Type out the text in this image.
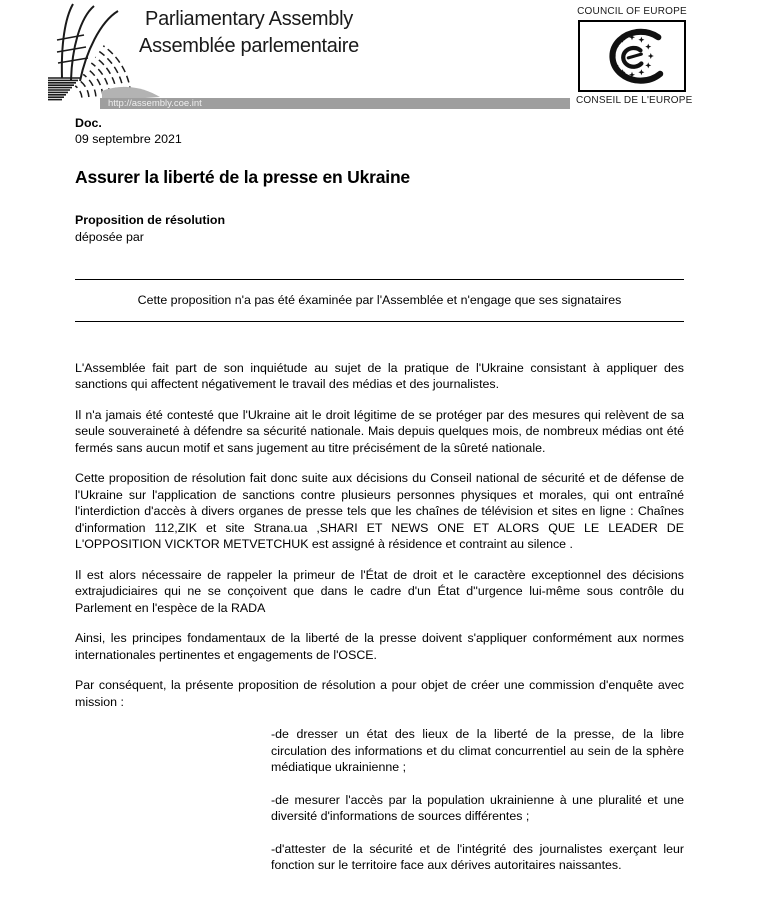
Parliamentary Assembly
Assemblée parlementaire
http://assembly.coe.int
COUNCIL OF EUROPE
CONSEIL DE L'EUROPE
Doc.
09 septembre 2021
Assurer la liberté de la presse en Ukraine
Proposition de résolution
déposée par
Cette proposition n'a pas été éxaminée par l'Assemblée et n'engage que ses signataires

L'Assemblée fait part de son inquiétude au sujet de la pratique de l'Ukraine consistant à appliquer des sanctions qui affectent négativement le travail des médias et des journalistes.

Il n'a jamais été contesté que l'Ukraine ait le droit légitime de se protéger par des mesures qui relèvent de sa seule souveraineté à défendre sa sécurité nationale. Mais depuis quelques mois, de nombreux médias ont été fermés sans aucun motif et sans jugement au titre précisément de la sûreté nationale.

Cette proposition de résolution fait donc suite aux décisions du Conseil national de sécurité et de défense de l'Ukraine sur l'application de sanctions contre plusieurs personnes physiques et morales, qui ont entraîné l'interdiction d'accès à divers organes de presse tels que les chaînes de télévision et sites en ligne : Chaînes d'information 112,ZIK et site Strana.ua ,SHARI ET NEWS ONE ET ALORS QUE LE LEADER DE L'OPPOSITION VICKTOR METVETCHUK est assigné à résidence et contraint au silence .

Il est alors nécessaire de rappeler la primeur de l'État de droit et le caractère exceptionnel des décisions extrajudiciaires qui ne se conçoivent que dans le cadre d'un État d''urgence lui-même sous contrôle du Parlement en l'espèce de la RADA

Ainsi, les principes fondamentaux de la liberté de la presse doivent s'appliquer conformément aux normes internationales pertinentes et engagements de l'OSCE.

Par conséquent, la présente proposition de résolution a pour objet de créer une commission d'enquête avec mission :

-de dresser un état des lieux de la liberté de la presse, de la libre circulation des informations et du climat concurrentiel au sein de la sphère médiatique ukrainienne ;

-de mesurer l'accès par la population ukrainienne à une pluralité et une diversité d'informations de sources différentes ;

-d'attester de la sécurité et de l'intégrité des journalistes exerçant leur fonction sur le territoire face aux dérives autoritaires naissantes.
